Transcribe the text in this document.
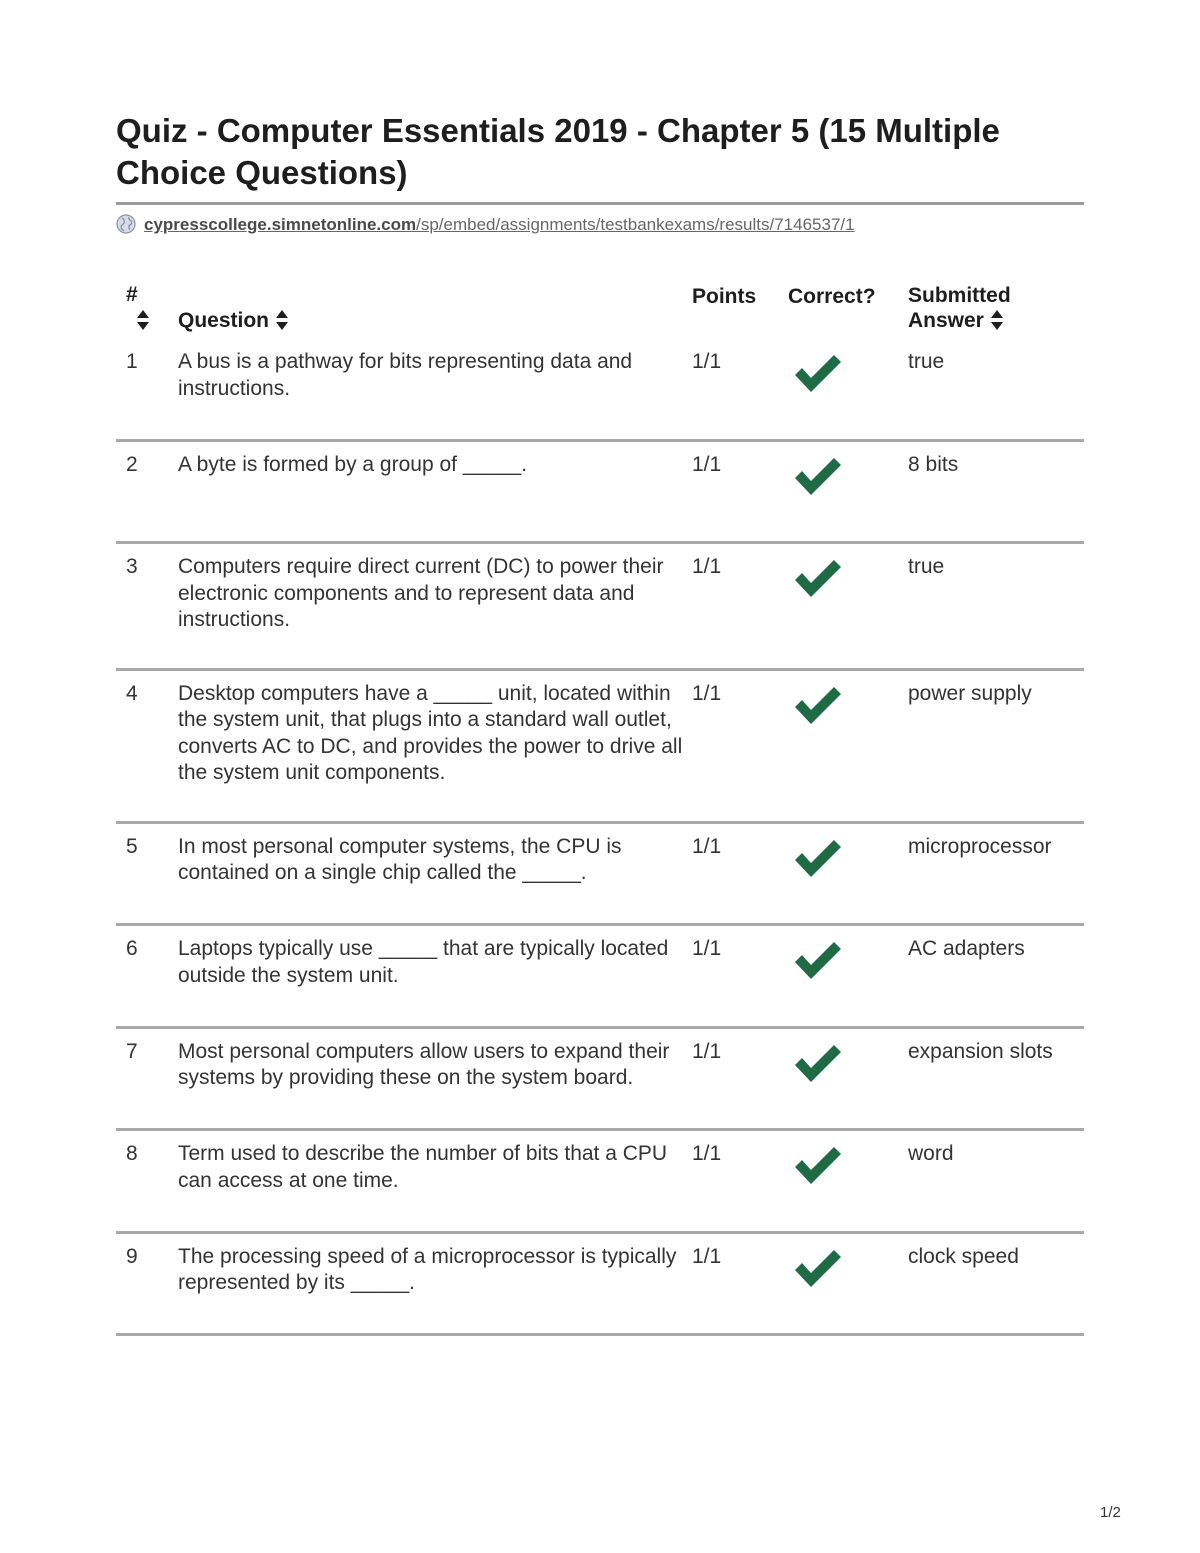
Quiz - Computer Essentials 2019 - Chapter 5 (15 Multiple Choice Questions)
cypresscollege.simnetonline.com/sp/embed/assignments/testbankexams/results/7146537/1
#	Question	Points	Correct?	Submitted Answer

1	A bus is a pathway for bits representing data and instructions.	1/1		true

2	A byte is formed by a group of _____.	1/1		8 bits

3	Computers require direct current (DC) to power their electronic components and to represent data and instructions.	1/1		true

4	Desktop computers have a _____ unit, located within the system unit, that plugs into a standard wall outlet, converts AC to DC, and provides the power to drive all the system unit components.	1/1		power supply

5	In most personal computer systems, the CPU is contained on a single chip called the _____.	1/1		microprocessor

6	Laptops typically use _____ that are typically located outside the system unit.	1/1		AC adapters

7	Most personal computers allow users to expand their systems by providing these on the system board.	1/1		expansion slots

8	Term used to describe the number of bits that a CPU can access at one time.	1/1		word

9	The processing speed of a microprocessor is typically represented by its _____.	1/1		clock speed
1/2
